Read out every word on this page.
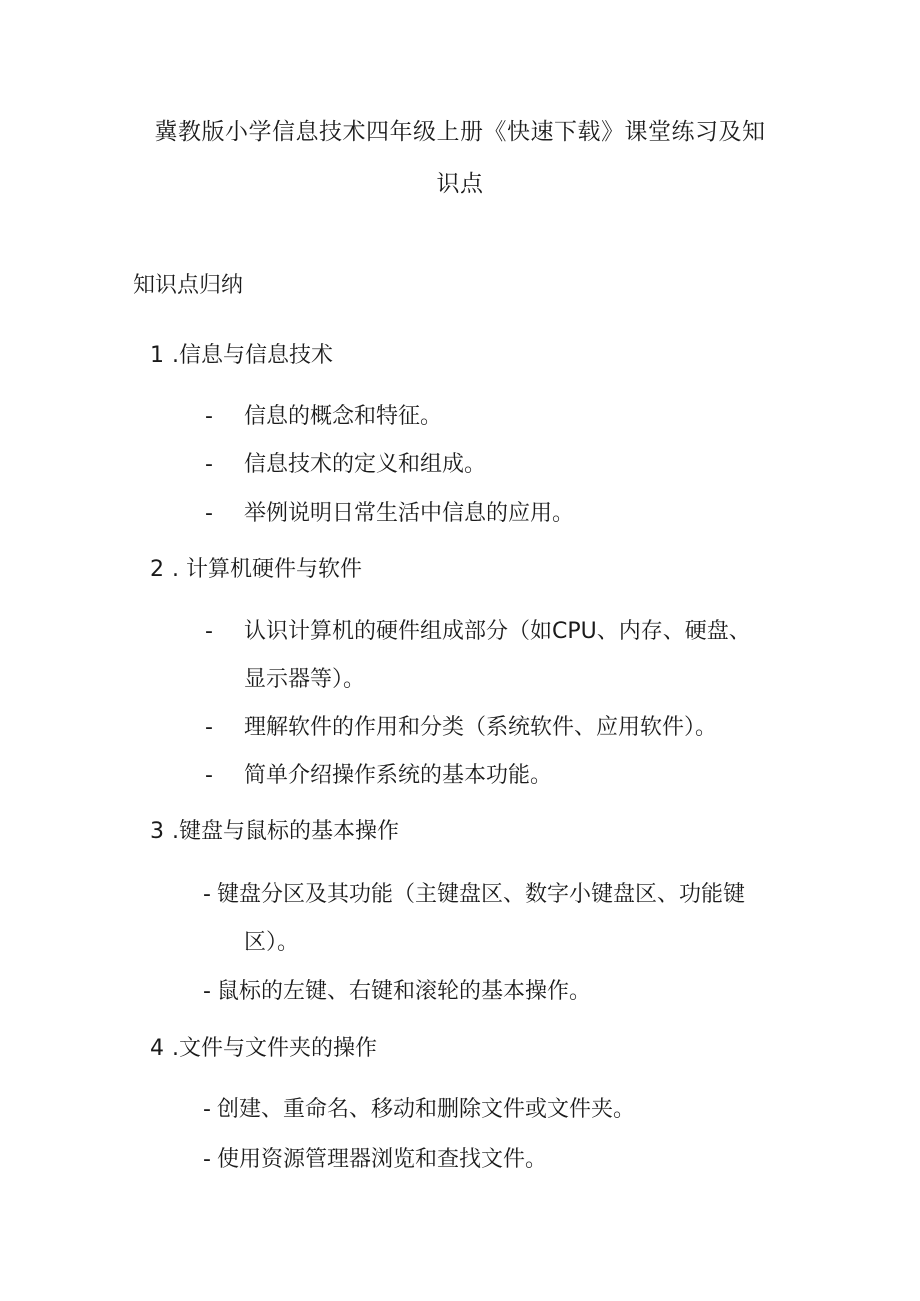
冀教版小学信息技术四年级上册《快速下载》课堂练习及知
识点
知识点归纳
1 .信息与信息技术
- 信息的概念和特征。
- 信息技术的定义和组成。
- 举例说明日常生活中信息的应用。
2 . 计算机硬件与软件
- 认识计算机的硬件组成部分（如CPU、内存、硬盘、
显示器等）。
- 理解软件的作用和分类（系统软件、应用软件）。
- 简单介绍操作系统的基本功能。
3 .键盘与鼠标的基本操作
- 键盘分区及其功能（主键盘区、数字小键盘区、功能键
区）。
- 鼠标的左键、右键和滚轮的基本操作。
4 .文件与文件夹的操作
- 创建、重命名、移动和删除文件或文件夹。
- 使用资源管理器浏览和查找文件。
